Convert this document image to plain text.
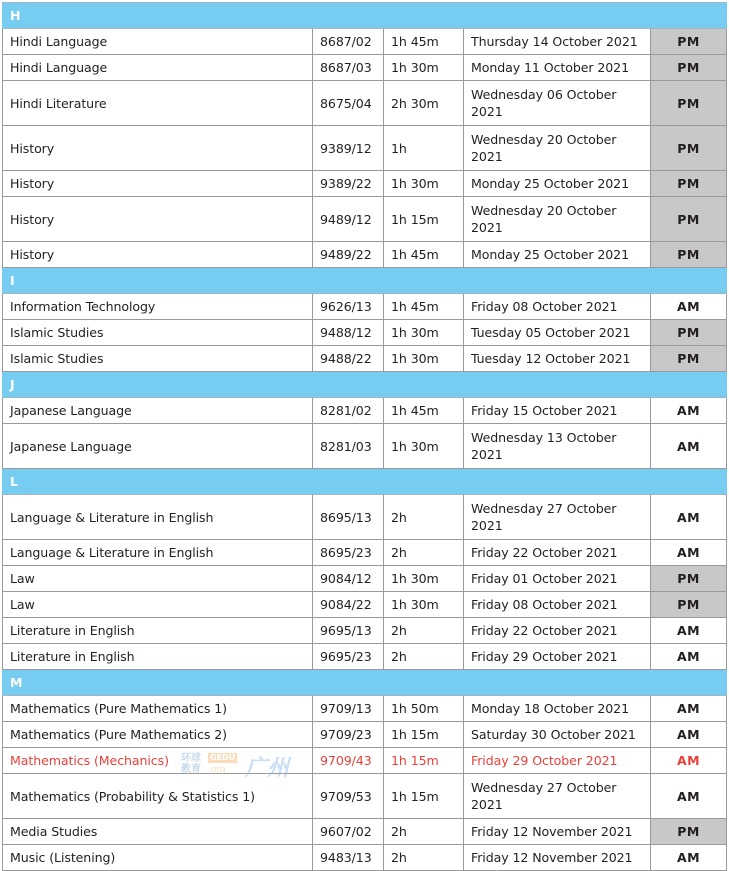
H				
Hindi Language	8687/02	1h 45m	Thursday 14 October 2021	PM
Hindi Language	8687/03	1h 30m	Monday 11 October 2021	PM
Hindi Literature	8675/04	2h 30m	Wednesday 06 October 2021	PM
History	9389/12	1h	Wednesday 20 October 2021	PM
History	9389/22	1h 30m	Monday 25 October 2021	PM
History	9489/12	1h 15m	Wednesday 20 October 2021	PM
History	9489/22	1h 45m	Monday 25 October 2021	PM
I				
Information Technology	9626/13	1h 45m	Friday 08 October 2021	AM
Islamic Studies	9488/12	1h 30m	Tuesday 05 October 2021	PM
Islamic Studies	9488/22	1h 30m	Tuesday 12 October 2021	PM
J				
Japanese Language	8281/02	1h 45m	Friday 15 October 2021	AM
Japanese Language	8281/03	1h 30m	Wednesday 13 October 2021	AM
L				
Language & Literature in English	8695/13	2h	Wednesday 27 October 2021	AM
Language & Literature in English	8695/23	2h	Friday 22 October 2021	AM
Law	9084/12	1h 30m	Friday 01 October 2021	PM
Law	9084/22	1h 30m	Friday 08 October 2021	PM
Literature in English	9695/13	2h	Friday 22 October 2021	AM
Literature in English	9695/23	2h	Friday 29 October 2021	AM
M				
Mathematics (Pure Mathematics 1)	9709/13	1h 50m	Monday 18 October 2021	AM
Mathematics (Pure Mathematics 2)	9709/23	1h 15m	Saturday 30 October 2021	AM
Mathematics (Mechanics)	9709/43	1h 15m	Friday 29 October 2021	AM
Mathematics (Probability & Statistics 1)	9709/53	1h 15m	Wednesday 27 October 2021	AM
Media Studies	9607/02	2h	Friday 12 November 2021	PM
Music (Listening)	9483/13	2h	Friday 12 November 2021	AM
环球
教育
GEDU
.org 广州
